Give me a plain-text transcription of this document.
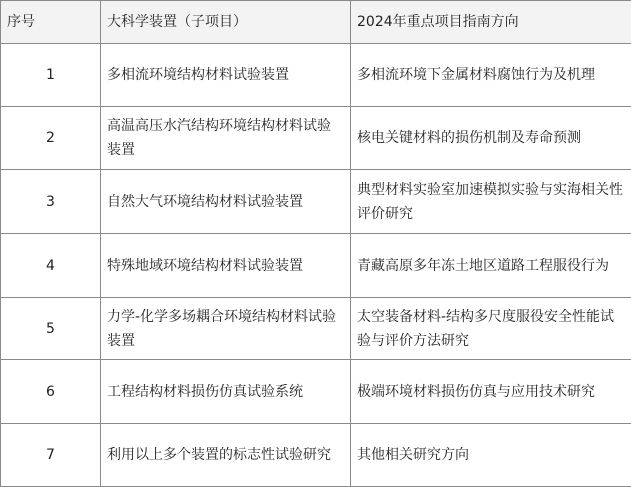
序号	大科学装置（子项目）	2024年重点项目指南方向
1	多相流环境结构材料试验装置	多相流环境下金属材料腐蚀行为及机理
2	高温高压水汽结构环境结构材料试验装置	核电关键材料的损伤机制及寿命预测
3	自然大气环境结构材料试验装置	典型材料实验室加速模拟实验与实海相关性评价研究
4	特殊地域环境结构材料试验装置	青藏高原多年冻土地区道路工程服役行为
5	力学-化学多场耦合环境结构材料试验装置	太空装备材料-结构多尺度服役安全性能试验与评价方法研究
6	工程结构材料损伤仿真试验系统	极端环境材料损伤仿真与应用技术研究
7	利用以上多个装置的标志性试验研究	其他相关研究方向
